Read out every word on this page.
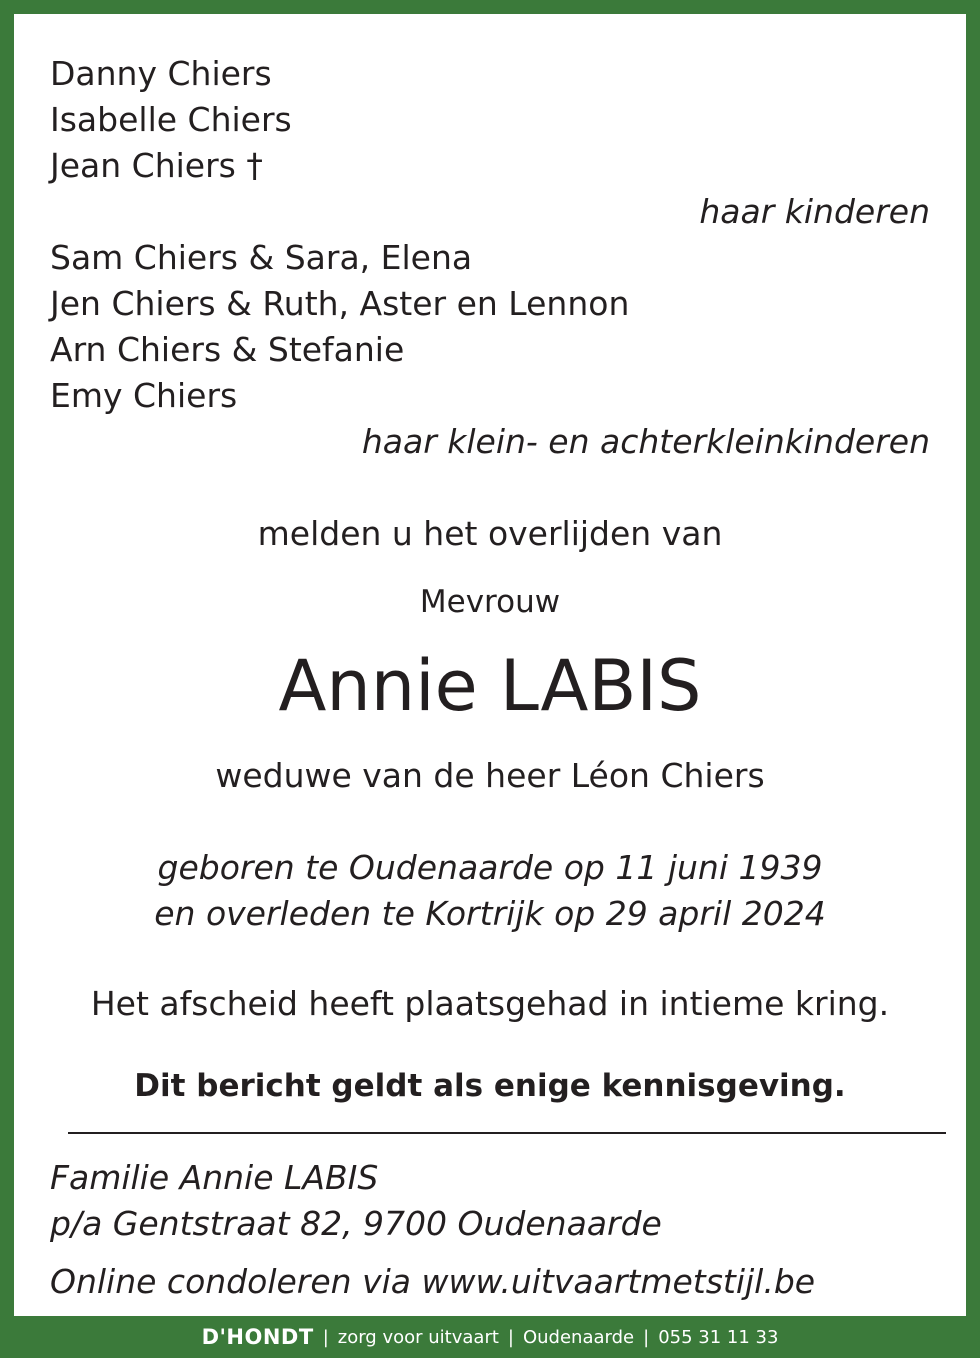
Danny Chiers
Isabelle Chiers
Jean Chiers †
haar kinderen
Sam Chiers & Sara, Elena
Jen Chiers & Ruth, Aster en Lennon
Arn Chiers & Stefanie
Emy Chiers
haar klein- en achterkleinkinderen
melden u het overlijden van
Mevrouw
Annie LABIS
weduwe van de heer Léon Chiers
geboren te Oudenaarde op 11 juni 1939
en overleden te Kortrijk op 29 april 2024
Het afscheid heeft plaatsgehad in intieme kring.
Dit bericht geldt als enige kennisgeving.
Familie Annie LABIS
p/a Gentstraat 82, 9700 Oudenaarde
Online condoleren via www.uitvaartmetstijl.be
D'HONDT | zorg voor uitvaart | Oudenaarde | 055 31 11 33
